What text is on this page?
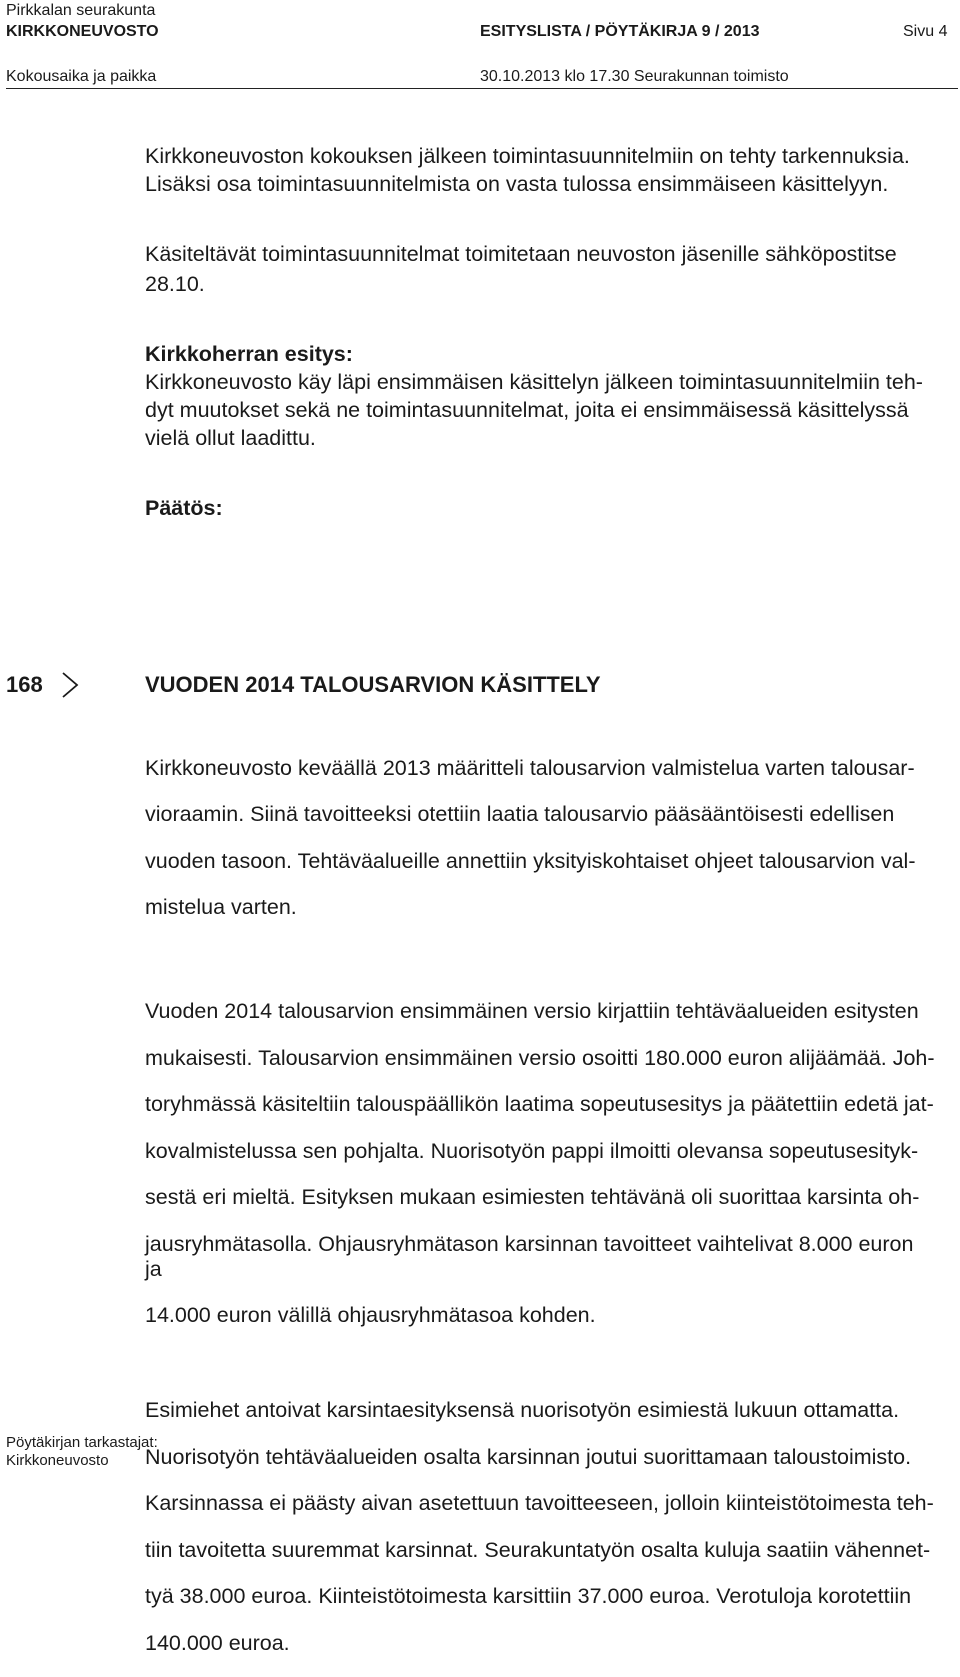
Pirkkalan seurakunta
KIRKKONEUVOSTO	ESITYSLISTA / PÖYTÄKIRJA 9 / 2013	Sivu 4
Kokousaika ja paikka	30.10.2013 klo 17.30 Seurakunnan toimisto

Kirkkoneuvoston kokouksen jälkeen toimintasuunnitelmiin on tehty tarkennuksia.

Lisäksi osa toimintasuunnitelmista on vasta tulossa ensimmäiseen käsittelyyn.

Käsiteltävät toimintasuunnitelmat toimitetaan neuvoston jäsenille sähköpostitse

28.10.

Kirkkoherran esitys:

Kirkkoneuvosto käy läpi ensimmäisen käsittelyn jälkeen toimintasuunnitelmiin teh-

dyt muutokset sekä ne toimintasuunnitelmat, joita ei ensimmäisessä käsittelyssä

vielä ollut laadittu.

Päätös:

168	VUODEN 2014 TALOUSARVION KÄSITTELY

Kirkkoneuvosto keväällä 2013 määritteli talousarvion valmistelua varten talousar-

vioraamin. Siinä tavoitteeksi otettiin laatia talousarvio pääsääntöisesti edellisen

vuoden tasoon. Tehtäväalueille annettiin yksityiskohtaiset ohjeet talousarvion val-

mistelua varten.

Vuoden 2014 talousarvion ensimmäinen versio kirjattiin tehtäväalueiden esitysten

mukaisesti. Talousarvion ensimmäinen versio osoitti 180.000 euron alijäämää. Joh-

toryhmässä käsiteltiin talouspäällikön laatima sopeutusesitys ja päätettiin edetä jat-

kovalmistelussa sen pohjalta. Nuorisotyön pappi ilmoitti olevansa sopeutusesityk-

sestä eri mieltä. Esityksen mukaan esimiesten tehtävänä oli suorittaa karsinta oh-

jausryhmätasolla. Ohjausryhmätason karsinnan tavoitteet vaihtelivat 8.000 euron ja

14.000 euron välillä ohjausryhmätasoa kohden.

Esimiehet antoivat karsintaesityksensä nuorisotyön esimiestä lukuun ottamatta.

Nuorisotyön tehtäväalueiden osalta karsinnan joutui suorittamaan taloustoimisto.

Karsinnassa ei päästy aivan asetettuun tavoitteeseen, jolloin kiinteistötoimesta teh-

tiin tavoitetta suuremmat karsinnat. Seurakuntatyön osalta kuluja saatiin vähennet-

tyä 38.000 euroa. Kiinteistötoimesta karsittiin 37.000 euroa. Verotuloja korotettiin

140.000 euroa.

Pöytäkirjan tarkastajat:
Kirkkoneuvosto
